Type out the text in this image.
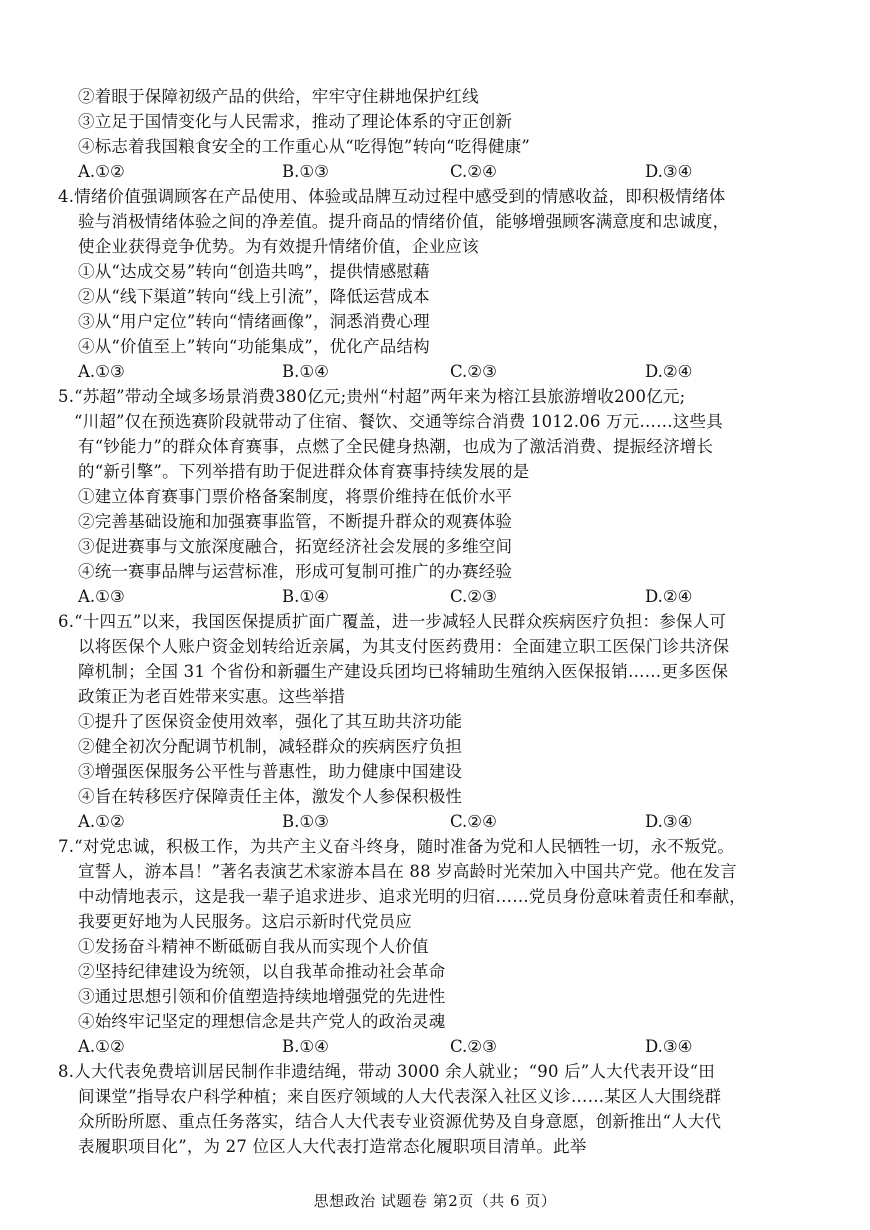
②着眼于保障初级产品的供给，牢牢守住耕地保护红线
③立足于国情变化与人民需求，推动了理论体系的守正创新
④标志着我国粮食安全的工作重心从“吃得饱”转向“吃得健康”
A.①②	B.①③	C.②④	D.③④
4.情绪价值强调顾客在产品使用、体验或品牌互动过程中感受到的情感收益，即积极情绪体
验与消极情绪体验之间的净差值。提升商品的情绪价值，能够增强顾客满意度和忠诚度，
使企业获得竞争优势。为有效提升情绪价值，企业应该
①从“达成交易”转向“创造共鸣”，提供情感慰藉
②从“线下渠道”转向“线上引流”，降低运营成本
③从“用户定位”转向“情绪画像”，洞悉消费心理
④从“价值至上”转向“功能集成”，优化产品结构
A.①③	B.①④	C.②③	D.②④
5.“苏超”带动全域多场景消费380亿元;贵州“村超”两年来为榕江县旅游增收200亿元;
“川超”仅在预选赛阶段就带动了住宿、餐饮、交通等综合消费 1012.06 万元……这些具
有“钞能力”的群众体育赛事，点燃了全民健身热潮，也成为了激活消费、提振经济增长
的“新引擎”。下列举措有助于促进群众体育赛事持续发展的是
①建立体育赛事门票价格备案制度，将票价维持在低价水平
②完善基础设施和加强赛事监管，不断提升群众的观赛体验
③促进赛事与文旅深度融合，拓宽经济社会发展的多维空间
④统一赛事品牌与运营标准，形成可复制可推广的办赛经验
A.①③	B.①④	C.②③	D.②④
6.“十四五”以来，我国医保提质扩面广覆盖，进一步减轻人民群众疾病医疗负担：参保人可
以将医保个人账户资金划转给近亲属，为其支付医药费用：全面建立职工医保门诊共济保
障机制；全国 31 个省份和新疆生产建设兵团均已将辅助生殖纳入医保报销……更多医保
政策正为老百姓带来实惠。这些举措
①提升了医保资金使用效率，强化了其互助共济功能
②健全初次分配调节机制，减轻群众的疾病医疗负担
③增强医保服务公平性与普惠性，助力健康中国建设
④旨在转移医疗保障责任主体，激发个人参保积极性
A.①②	B.①③	C.②④	D.③④
7.“对党忠诚，积极工作，为共产主义奋斗终身，随时准备为党和人民牺牲一切，永不叛党。
宣誓人，游本昌！”著名表演艺术家游本昌在 88 岁高龄时光荣加入中国共产党。他在发言
中动情地表示，这是我一辈子追求进步、追求光明的归宿……党员身份意味着责任和奉献，
我要更好地为人民服务。这启示新时代党员应
①发扬奋斗精神不断砥砺自我从而实现个人价值
②坚持纪律建设为统领，以自我革命推动社会革命
③通过思想引领和价值塑造持续地增强党的先进性
④始终牢记坚定的理想信念是共产党人的政治灵魂
A.①②	B.①④	C.②③	D.③④
8.人大代表免费培训居民制作非遗结绳，带动 3000 余人就业；“90 后”人大代表开设“田
间课堂”指导农户科学种植；来自医疗领域的人大代表深入社区义诊……某区人大围绕群
众所盼所愿、重点任务落实，结合人大代表专业资源优势及自身意愿，创新推出“人大代
表履职项目化”，为 27 位区人大代表打造常态化履职项目清单。此举
思想政治 试题卷 第2页（共 6 页）
